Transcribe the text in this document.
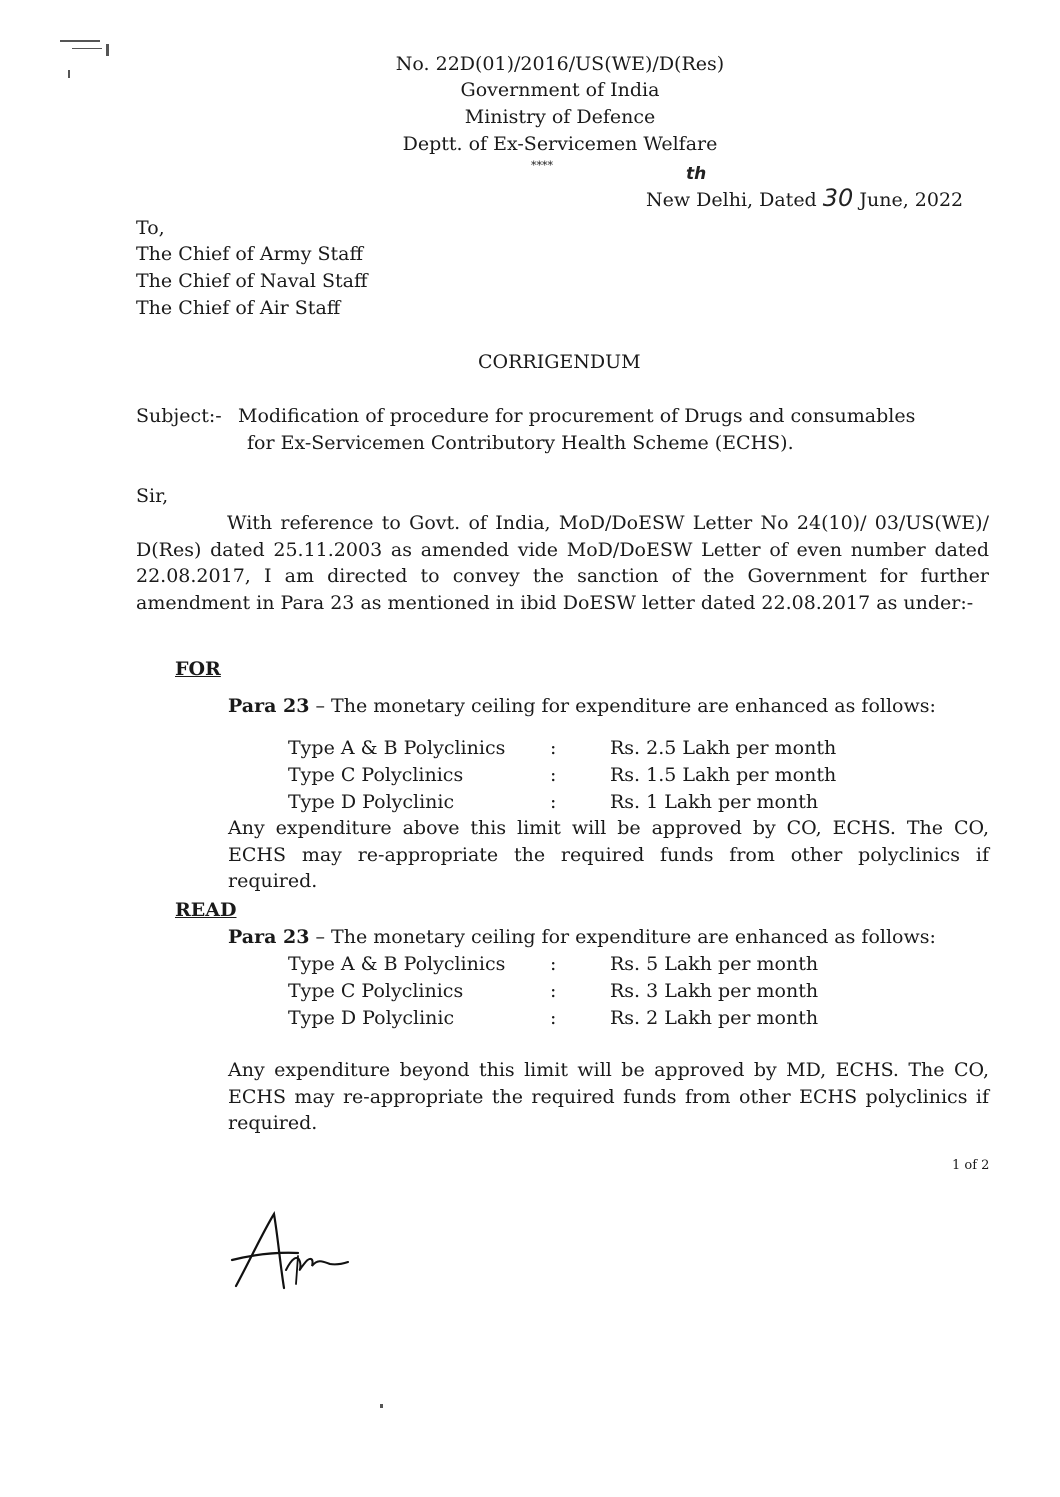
No. 22D(01)/2016/US(WE)/D(Res)
Government of India
Ministry of Defence
Deptt. of Ex-Servicemen Welfare
****
New Delhi, Dated 30 June, 2022
th
To,
The Chief of Army Staff
The Chief of Naval Staff
The Chief of Air Staff
CORRIGENDUM
Subject:- Modification of procedure for procurement of Drugs and consumables
for Ex-Servicemen Contributory Health Scheme (ECHS).
Sir,
With reference to Govt. of India, MoD/DoESW Letter No 24(10)/ 03/US(WE)/ D(Res) dated 25.11.2003 as amended vide MoD/DoESW Letter of even number dated 22.08.2017, I am directed to convey the sanction of the Government for further amendment in Para 23 as mentioned in ibid DoESW letter dated 22.08.2017 as under:-
FOR
Para 23 – The monetary ceiling for expenditure are enhanced as follows:
Type A & B Polyclinics	:	Rs. 2.5 Lakh per month
Type C Polyclinics	:	Rs. 1.5 Lakh per month
Type D Polyclinic	:	Rs. 1 Lakh per month
Any expenditure above this limit will be approved by CO, ECHS. The CO, ECHS may re-appropriate the required funds from other polyclinics if required.
READ
Para 23 – The monetary ceiling for expenditure are enhanced as follows:
Type A & B Polyclinics	:	Rs. 5 Lakh per month
Type C Polyclinics	:	Rs. 3 Lakh per month
Type D Polyclinic	:	Rs. 2 Lakh per month
Any expenditure beyond this limit will be approved by MD, ECHS. The CO, ECHS may re-appropriate the required funds from other ECHS polyclinics if required.
1 of 2
